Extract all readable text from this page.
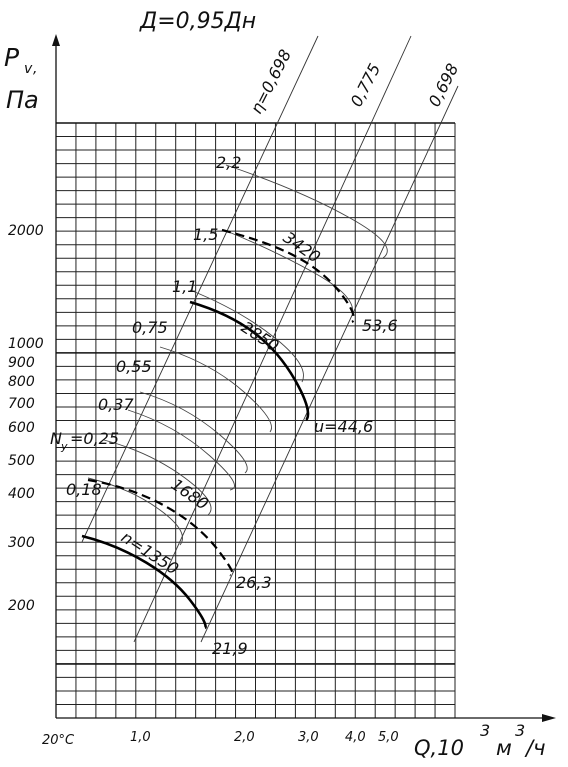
200
300
400
500
600
700
800
900
1000
2000
1,0	2,0	3,0 4,0 5,0
η=0,698	0,775	0,698
2,2
1,5
1,1
0,75
0,55
0,37
N у =0,25
0,18
n=1350
21,9
1680
26,3
2850
u=44,6
3420
53,6
Д=0,95Дн
P v ,
Па
20°С	Q,10
3
м
3
/ч
